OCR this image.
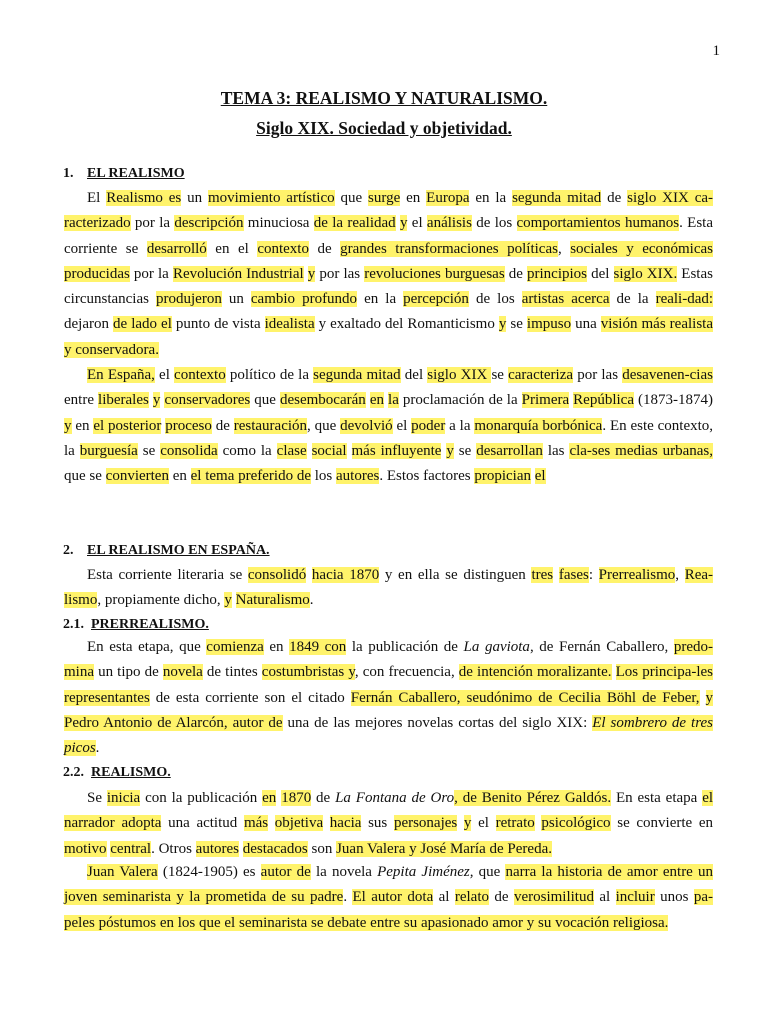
1
TEMA 3: REALISMO Y NATURALISMO.
Siglo XIX. Sociedad y objetividad.
1. EL REALISMO
El Realismo es un movimiento artístico que surge en Europa en la segunda mitad de siglo XIX ca-racterizado por la descripción minuciosa de la realidad y el análisis de los comportamientos humanos. Esta corriente se desarrolló en el contexto de grandes transformaciones políticas, sociales y económicas producidas por la Revolución Industrial y por las revoluciones burguesas de principios del siglo XIX. Estas circunstancias produjeron un cambio profundo en la percepción de los artistas acerca de la reali-dad: dejaron de lado el punto de vista idealista y exaltado del Romanticismo y se impuso una visión más realista y conservadora.
En España, el contexto político de la segunda mitad del siglo XIX se caracteriza por las desavenen-cias entre liberales y conservadores que desembocarán en la proclamación de la Primera República (1873-1874) y en el posterior proceso de restauración, que devolvió el poder a la monarquía borbónica. En este contexto, la burguesía se consolida como la clase social más influyente y se desarrollan las cla-ses medias urbanas, que se convierten en el tema preferido de los autores. Estos factores propician el
2. EL REALISMO EN ESPAÑA.
Esta corriente literaria se consolidó hacia 1870 y en ella se distinguen tres fases: Prerrealismo, Rea-lismo, propiamente dicho, y Naturalismo.
2.1. PRERREALISMO.
En esta etapa, que comienza en 1849 con la publicación de La gaviota, de Fernán Caballero, predo-mina un tipo de novela de tintes costumbristas y, con frecuencia, de intención moralizante. Los principa-les representantes de esta corriente son el citado Fernán Caballero, seudónimo de Cecilia Böhl de Feber, y Pedro Antonio de Alarcón, autor de una de las mejores novelas cortas del siglo XIX: El sombrero de tres picos.
2.2. REALISMO.
Se inicia con la publicación en 1870 de La Fontana de Oro, de Benito Pérez Galdós. En esta etapa el narrador adopta una actitud más objetiva hacia sus personajes y el retrato psicológico se convierte en motivo central. Otros autores destacados son Juan Valera y José María de Pereda.
Juan Valera (1824-1905) es autor de la novela Pepita Jiménez, que narra la historia de amor entre un joven seminarista y la prometida de su padre. El autor dota al relato de verosimilitud al incluir unos pa-peles póstumos en los que el seminarista se debate entre su apasionado amor y su vocación religiosa.
